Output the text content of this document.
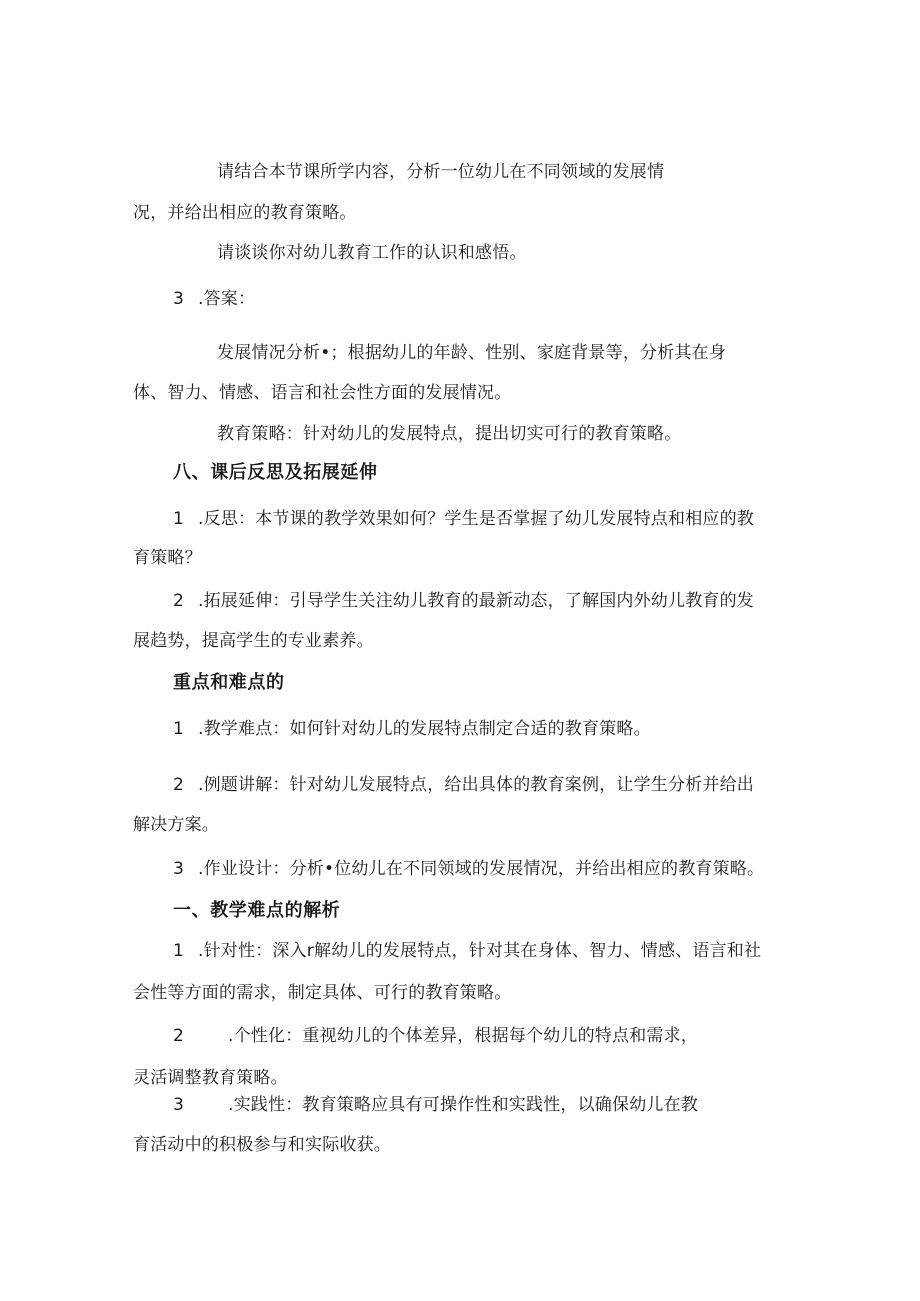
请结合本节课所学内容，分析一位幼儿在不同领域的发展情

况，并给出相应的教育策略。

请谈谈你对幼儿教育工作的认识和感悟。

3 .答案：

发展情况分析•；根据幼儿的年龄、性别、家庭背景等，分析其在身

体、智力、情感、语言和社会性方面的发展情况。

教育策略：针对幼儿的发展特点，提出切实可行的教育策略。

八、课后反思及拓展延伸

1 .反思：本节课的教学效果如何？学生是否掌握了幼儿发展特点和相应的教

育策略？

2 .拓展延伸：引导学生关注幼儿教育的最新动态，了解国内外幼儿教育的发

展趋势，提高学生的专业素养。

重点和难点的

1 .教学难点：如何针对幼儿的发展特点制定合适的教育策略。

2 .例题讲解：针对幼儿发展特点，给出具体的教育案例，让学生分析并给出

解决方案。

3 .作业设计：分析•位幼儿在不同领域的发展情况，并给出相应的教育策略。

一、教学难点的解析

1 .针对性：深入r解幼儿的发展特点，针对其在身体、智力、情感、语言和社

会性等方面的需求，制定具体、可行的教育策略。

2	.个性化：重视幼儿的个体差异，根据每个幼儿的特点和需求，

灵活调整教育策略。

3	.实践性：教育策略应具有可操作性和实践性，以确保幼儿在教

育活动中的积极参与和实际收获。
